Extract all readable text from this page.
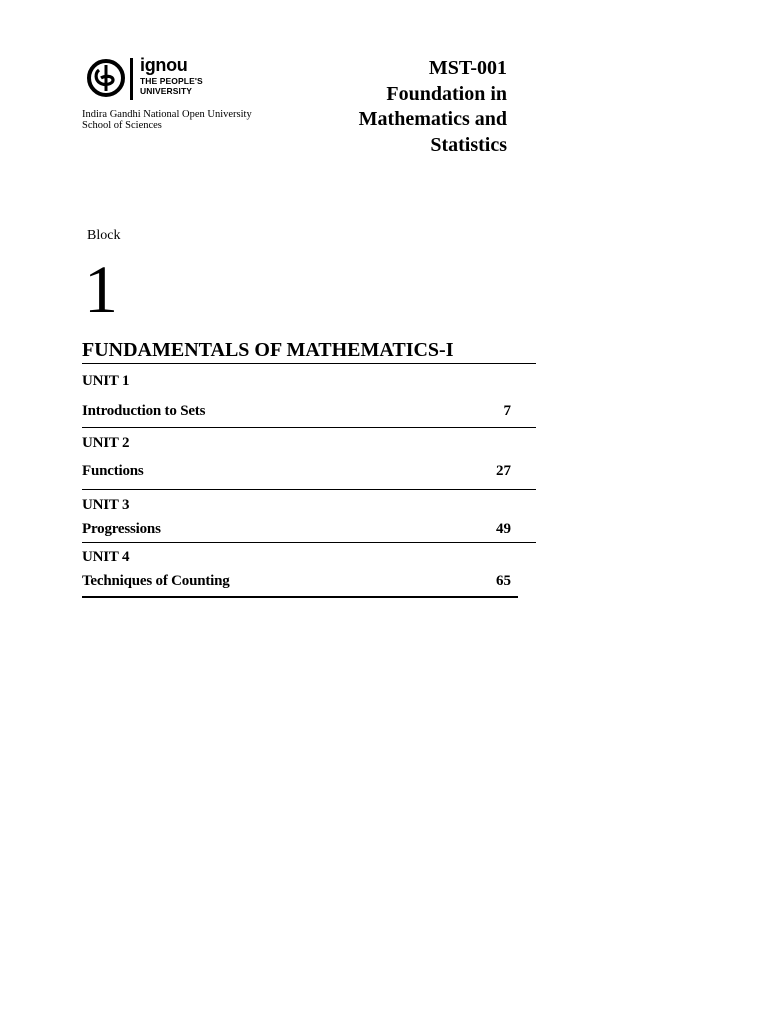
ignou
THE PEOPLE'S
UNIVERSITY
Indira Gandhi National Open University
School of Sciences
MST-001
Foundation in
Mathematics and
Statistics
Block
1
FUNDAMENTALS OF MATHEMATICS-I
UNIT 1
Introduction to Sets	7
UNIT 2
Functions	27
UNIT 3
Progressions	49
UNIT 4
Techniques of Counting	65
